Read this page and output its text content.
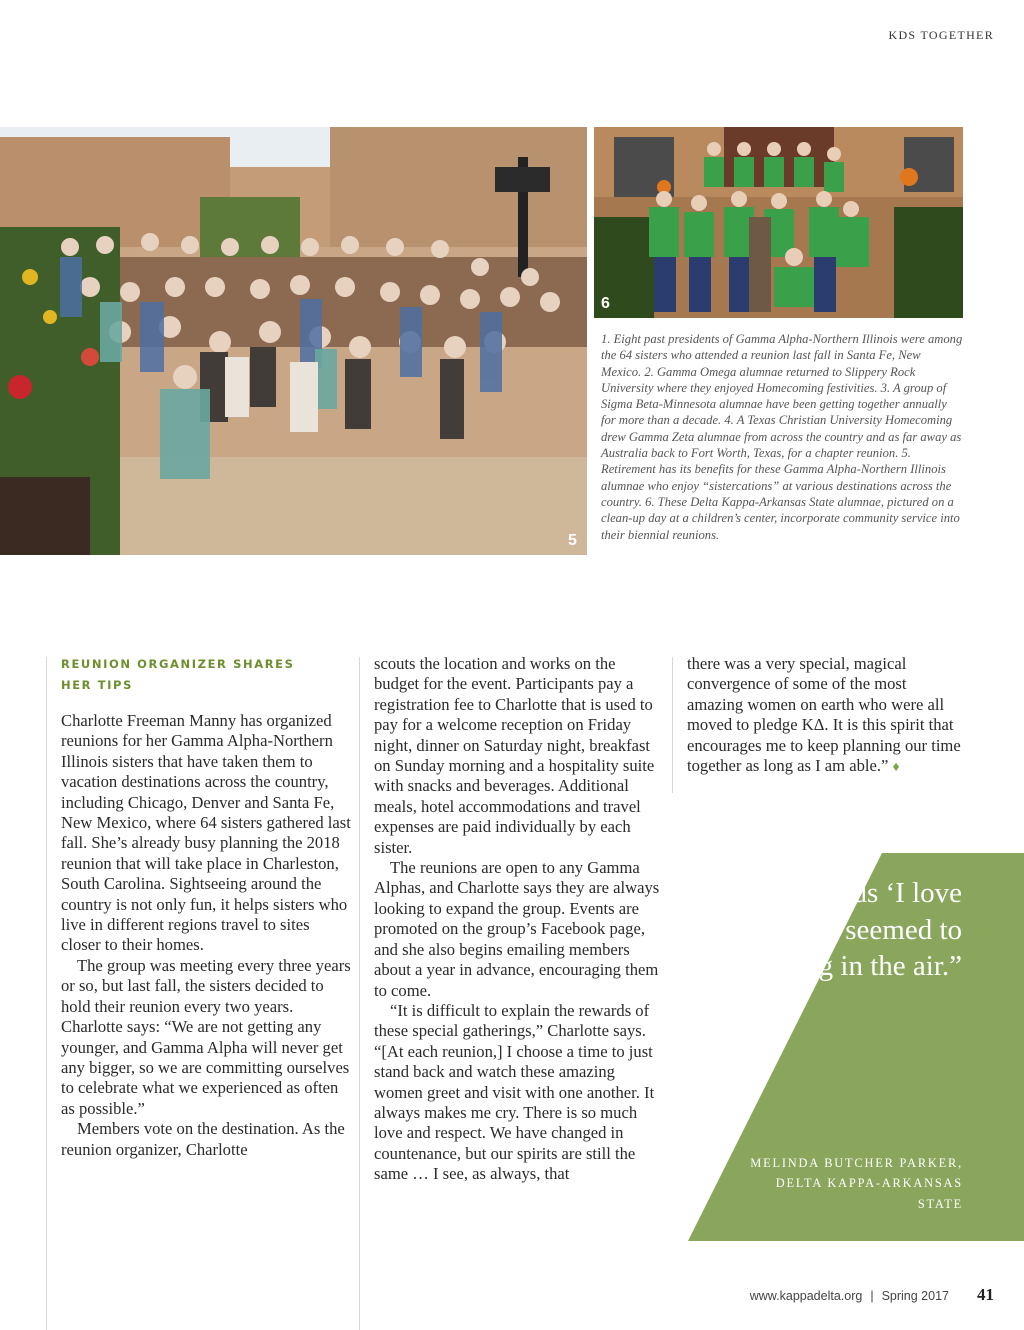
KDS TOGETHER
5
6
1. Eight past presidents of Gamma Alpha-Northern Illinois were among the 64 sisters who attended a reunion last fall in Santa Fe, New Mexico. 2. Gamma Omega alumnae returned to Slippery Rock University where they enjoyed Homecoming festivities. 3. A group of Sigma Beta-Minnesota alumnae have been getting together annually for more than a decade. 4. A Texas Christian University Homecoming drew Gamma Zeta alumnae from across the country and as far away as Australia back to Fort Worth, Texas, for a chapter reunion. 5. Retirement has its benefits for these Gamma Alpha-Northern Illinois alumnae who enjoy “sistercations” at various destinations across the country. 6. These Delta Kappa-Arkansas State alumnae, pictured on a clean-up day at a children’s center, incorporate community service into their biennial reunions.
REUNION ORGANIZER SHARES HER TIPS

Charlotte Freeman Manny has organized reunions for her Gamma Alpha-Northern Illinois sisters that have taken them to vacation destinations across the country, including Chicago, Denver and Santa Fe, New Mexico, where 64 sisters gathered last fall. She’s already busy planning the 2018 reunion that will take place in Charleston, South Carolina. Sightseeing around the country is not only fun, it helps sisters who live in different regions travel to sites closer to their homes.

The group was meeting every three years or so, but last fall, the sisters decided to hold their reunion every two years. Charlotte says: “We are not getting any younger, and Gamma Alpha will never get any bigger, so we are committing ourselves to celebrate what we experienced as often as possible.”

Members vote on the destination. As the reunion organizer, Charlotte

scouts the location and works on the budget for the event. Participants pay a registration fee to Charlotte that is used to pay for a welcome reception on Friday night, dinner on Saturday night, breakfast on Sunday morning and a hospitality suite with snacks and beverages. Additional meals, hotel accommodations and travel expenses are paid individually by each sister.

The reunions are open to any Gamma Alphas, and Charlotte says they are always looking to expand the group. Events are promoted on the group’s Facebook page, and she also begins emailing members about a year in advance, encouraging them to come.

“It is difficult to explain the rewards of these special gatherings,” Charlotte says. “[At each reunion,] I choose a time to just stand back and watch these amazing women greet and visit with one another. It always makes me cry. There is so much love and respect. We have changed in countenance, but our spirits are still the same … I see, as always, that

there was a very special, magical convergence of some of the most amazing women on earth who were all moved to pledge ΚΔ. It is this spirit that encourages me to keep planning our time together as long as I am able.” ♦

“The words ‘I love you’ just seemed to hang in the air.”
MELINDA BUTCHER PARKER, DELTA KAPPA-ARKANSAS STATE
www.kappadelta.org | Spring 2017 41
